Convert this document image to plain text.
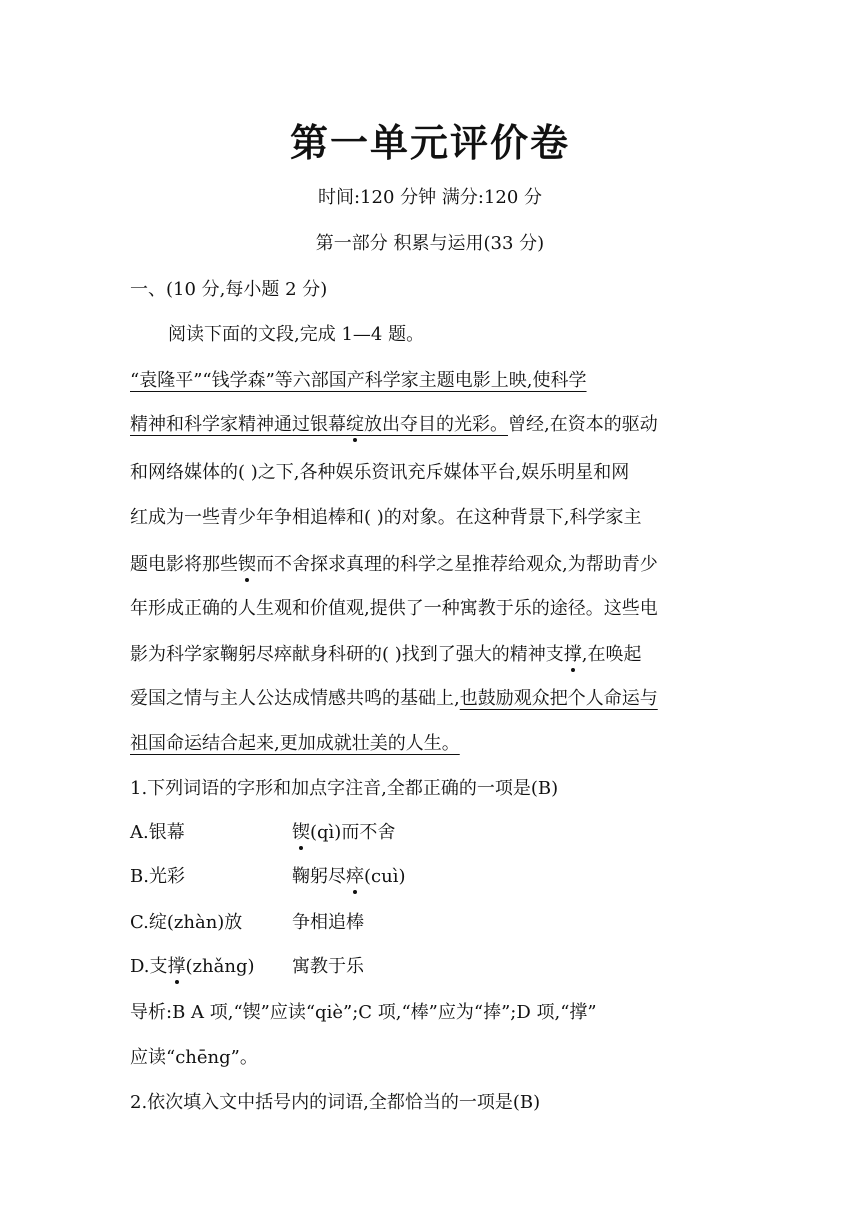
第一单元评价卷
时间:120 分钟 满分:120 分
第一部分 积累与运用(33 分)
一、(10 分,每小题 2 分)
阅读下面的文段,完成 1—4 题。
“袁隆平”“钱学森”等六部国产科学家主题电影上映,使科学
精神和科学家精神通过银幕绽放出夺目的光彩。曾经,在资本的驱动
和网络媒体的( )之下,各种娱乐资讯充斥媒体平台,娱乐明星和网
红成为一些青少年争相追棒和( )的对象。在这种背景下,科学家主
题电影将那些锲而不舍探求真理的科学之星推荐给观众,为帮助青少
年形成正确的人生观和价值观,提供了一种寓教于乐的途径。这些电
影为科学家鞠躬尽瘁献身科研的( )找到了强大的精神支撑,在唤起
爱国之情与主人公达成情感共鸣的基础上,也鼓励观众把个人命运与
祖国命运结合起来,更加成就壮美的人生。
1.下列词语的字形和加点字注音,全都正确的一项是(B)
A.银幕	锲(qì)而不舍
B.光彩	鞠躬尽瘁(cuì)
C.绽(zhàn)放	争相追棒
D.支撑(zhǎng) 寓教于乐
导析:B A 项,“锲”应读“qiè”;C 项,“棒”应为“捧”;D 项,“撑”
应读“chēng”。
2.依次填入文中括号内的词语,全都恰当的一项是(B)
